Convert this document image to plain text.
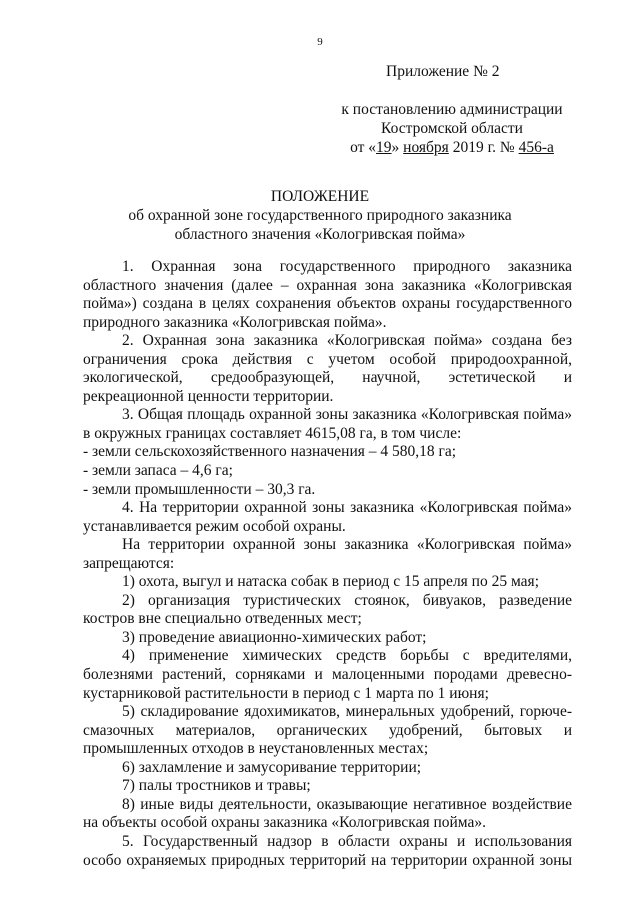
9
Приложение № 2
к постановлению администрации
Костромской области
от «19» ноября 2019 г. № 456-а
ПОЛОЖЕНИЕ
об охранной зоне государственного природного заказника
областного значения «Кологривская пойма»

1. Охранная зона государственного природного заказника областного значения (далее – охранная зона заказника «Кологривская пойма») создана в целях сохранения объектов охраны государственного природного заказника «Кологривская пойма».

2. Охранная зона заказника «Кологривская пойма» создана без ограничения срока действия с учетом особой природоохранной, экологической, средообразующей, научной, эстетической и рекреационной ценности территории.

3. Общая площадь охранной зоны заказника «Кологривская пойма» в окружных границах составляет 4615,08 га, в том числе:

- земли сельскохозяйственного назначения – 4 580,18 га;

- земли запаса – 4,6 га;

- земли промышленности – 30,3 га.

4. На территории охранной зоны заказника «Кологривская пойма» устанавливается режим особой охраны.

На территории охранной зоны заказника «Кологривская пойма» запрещаются:

1) охота, выгул и натаска собак в период с 15 апреля по 25 мая;

2) организация туристических стоянок, бивуаков, разведение костров вне специально отведенных мест;

3) проведение авиационно-химических работ;

4) применение химических средств борьбы с вредителями, болезнями растений, сорняками и малоценными породами древесно-кустарниковой растительности в период с 1 марта по 1 июня;

5) складирование ядохимикатов, минеральных удобрений, горюче-смазочных материалов, органических удобрений, бытовых и промышленных отходов в неустановленных местах;

6) захламление и замусоривание территории;

7) палы тростников и травы;

8) иные виды деятельности, оказывающие негативное воздействие на объекты особой охраны заказника «Кологривская пойма».

5. Государственный надзор в области охраны и использования особо охраняемых природных территорий на территории охранной зоны
